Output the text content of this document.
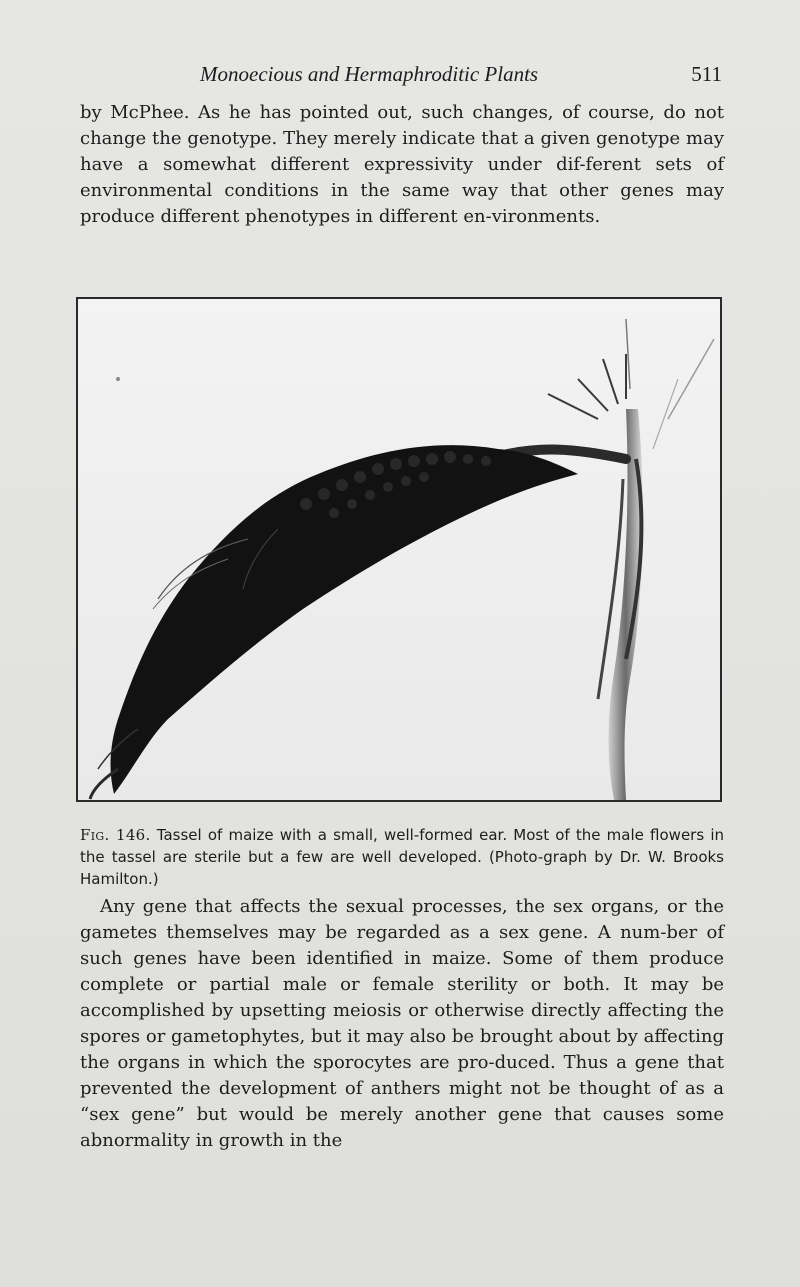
Monoecious and Hermaphroditic Plants	511

by McPhee. As he has pointed out, such changes, of course, do not change the genotype. They merely indicate that a given genotype may have a somewhat different expressivity under dif-ferent sets of environmental conditions in the same way that other genes may produce different phenotypes in different en-vironments.

Fig. 146. Tassel of maize with a small, well-formed ear. Most of the male flowers in the tassel are sterile but a few are well developed. (Photo-graph by Dr. W. Brooks Hamilton.)

Any gene that affects the sexual processes, the sex organs, or the gametes themselves may be regarded as a sex gene. A num-ber of such genes have been identified in maize. Some of them produce complete or partial male or female sterility or both. It may be accomplished by upsetting meiosis or otherwise directly affecting the spores or gametophytes, but it may also be brought about by affecting the organs in which the sporocytes are pro-duced. Thus a gene that prevented the development of anthers might not be thought of as a “sex gene” but would be merely another gene that causes some abnormality in growth in the
